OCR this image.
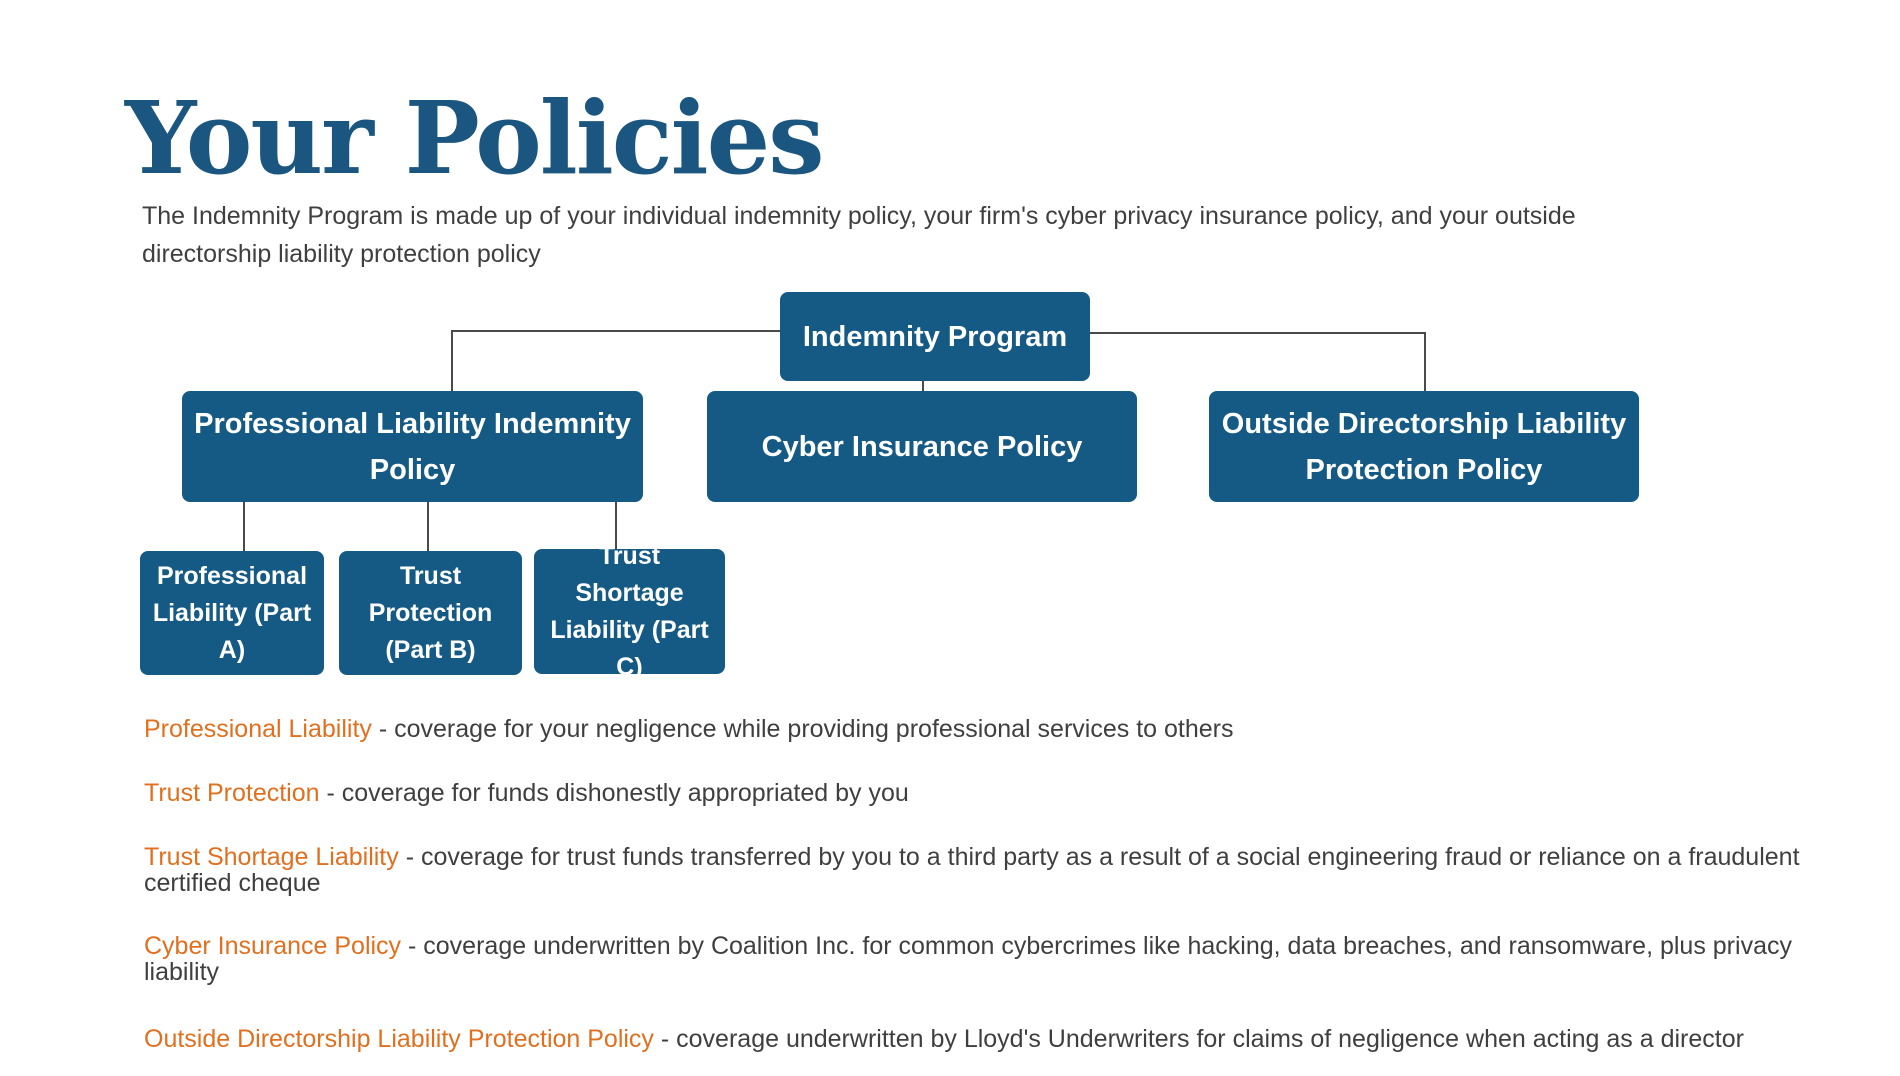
Your Policies

The Indemnity Program is made up of your individual indemnity policy, your firm's cyber privacy insurance policy, and your outside directorship liability protection policy

Indemnity Program
Professional Liability Indemnity Policy
Cyber Insurance Policy
Outside Directorship Liability Protection Policy
Professional Liability (Part A)
Trust Protection (Part B)
Trust Shortage Liability (Part C)
Professional Liability - coverage for your negligence while providing professional services to others
Trust Protection - coverage for funds dishonestly appropriated by you
Trust Shortage Liability - coverage for trust funds transferred by you to a third party as a result of a social engineering fraud or reliance on a fraudulent certified cheque
Cyber Insurance Policy - coverage underwritten by Coalition Inc. for common cybercrimes like hacking, data breaches, and ransomware, plus privacy liability
Outside Directorship Liability Protection Policy - coverage underwritten by Lloyd's Underwriters for claims of negligence when acting as a director
